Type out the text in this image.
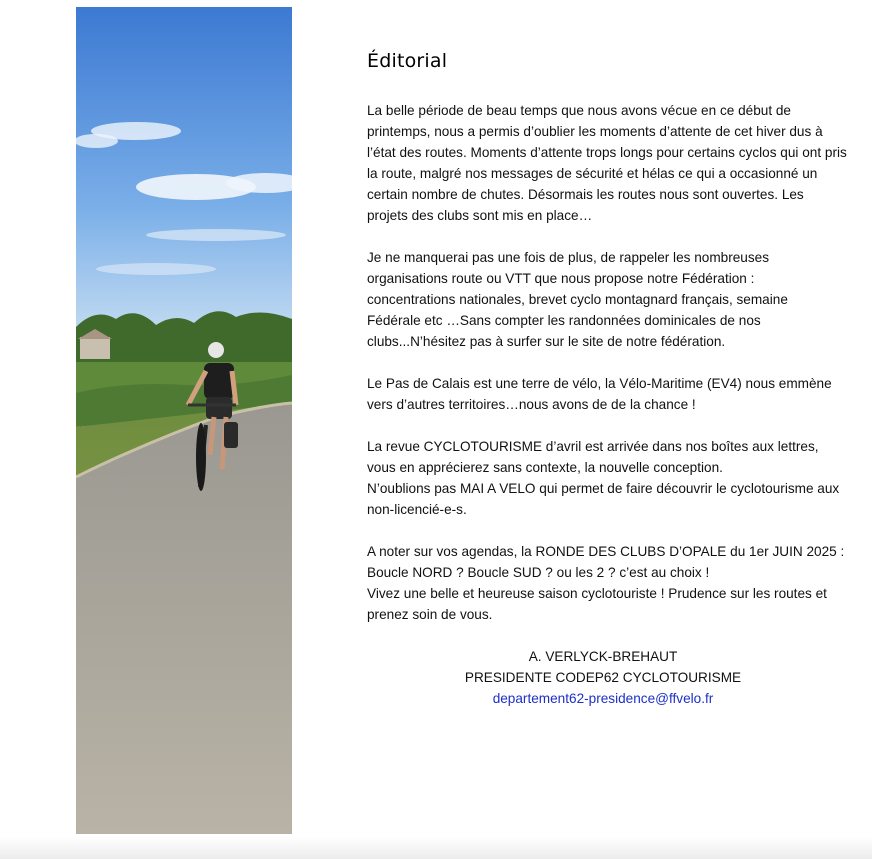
Éditorial
La belle période de beau temps que nous avons vécue en ce début de
printemps, nous a permis d’oublier les moments d’attente de cet hiver dus à
l’état des routes. Moments d’attente trops longs pour certains cyclos qui ont pris
la route, malgré nos messages de sécurité et hélas ce qui a occasionné un
certain nombre de chutes. Désormais les routes nous sont ouvertes. Les
projets des clubs sont mis en place…
Je ne manquerai pas une fois de plus, de rappeler les nombreuses
organisations route ou VTT que nous propose notre Fédération :
concentrations nationales, brevet cyclo montagnard français, semaine
Fédérale etc …Sans compter les randonnées dominicales de nos
clubs...N’hésitez pas à surfer sur le site de notre fédération.
Le Pas de Calais est une terre de vélo, la Vélo-Maritime (EV4) nous emmène
vers d’autres territoires…nous avons de de la chance !
La revue CYCLOTOURISME d’avril est arrivée dans nos boîtes aux lettres,
vous en apprécierez sans contexte, la nouvelle conception.
N’oublions pas MAI A VELO qui permet de faire découvrir le cyclotourisme aux
non-licencié-e-s.
A noter sur vos agendas, la RONDE DES CLUBS D’OPALE du 1er JUIN 2025 :
Boucle NORD ? Boucle SUD ? ou les 2 ? c’est au choix !
Vivez une belle et heureuse saison cyclotouriste ! Prudence sur les routes et
prenez soin de vous.
A. VERLYCK-BREHAUT
PRESIDENTE CODEP62 CYCLOTOURISME
departement62-presidence@ffvelo.fr
